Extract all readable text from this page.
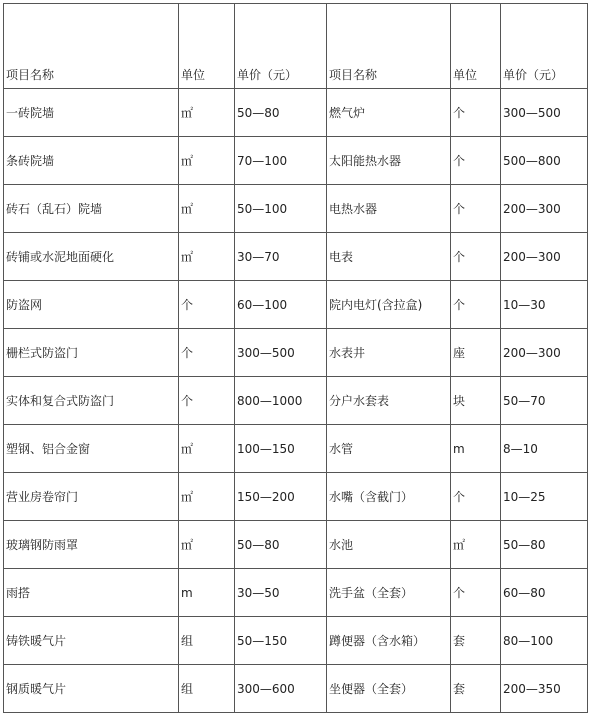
项目名称	单位	单价（元）	项目名称	单位	单价（元）
一砖院墙	㎡	50—80	燃气炉	个	300—500
条砖院墙	㎡	70—100	太阳能热水器	个	500—800
砖石（乱石）院墙	㎡	50—100	电热水器	个	200—300
砖铺或水泥地面硬化	㎡	30—70	电表	个	200—300
防盗网	个	60—100	院内电灯(含拉盒)	个	10—30
栅栏式防盗门	个	300—500	水表井	座	200—300
实体和复合式防盗门	个	800—1000	分户水套表	块	50—70
塑钢、铝合金窗	㎡	100—150	水管	m	8—10
营业房卷帘门	㎡	150—200	水嘴（含截门）	个	10—25
玻璃钢防雨罩	㎡	50—80	水池	㎡	50—80
雨搭	m	30—50	洗手盆（全套）	个	60—80
铸铁暖气片	组	50—150	蹲便器（含水箱）	套	80—100
钢质暖气片	组	300—600	坐便器（全套）	套	200—350
